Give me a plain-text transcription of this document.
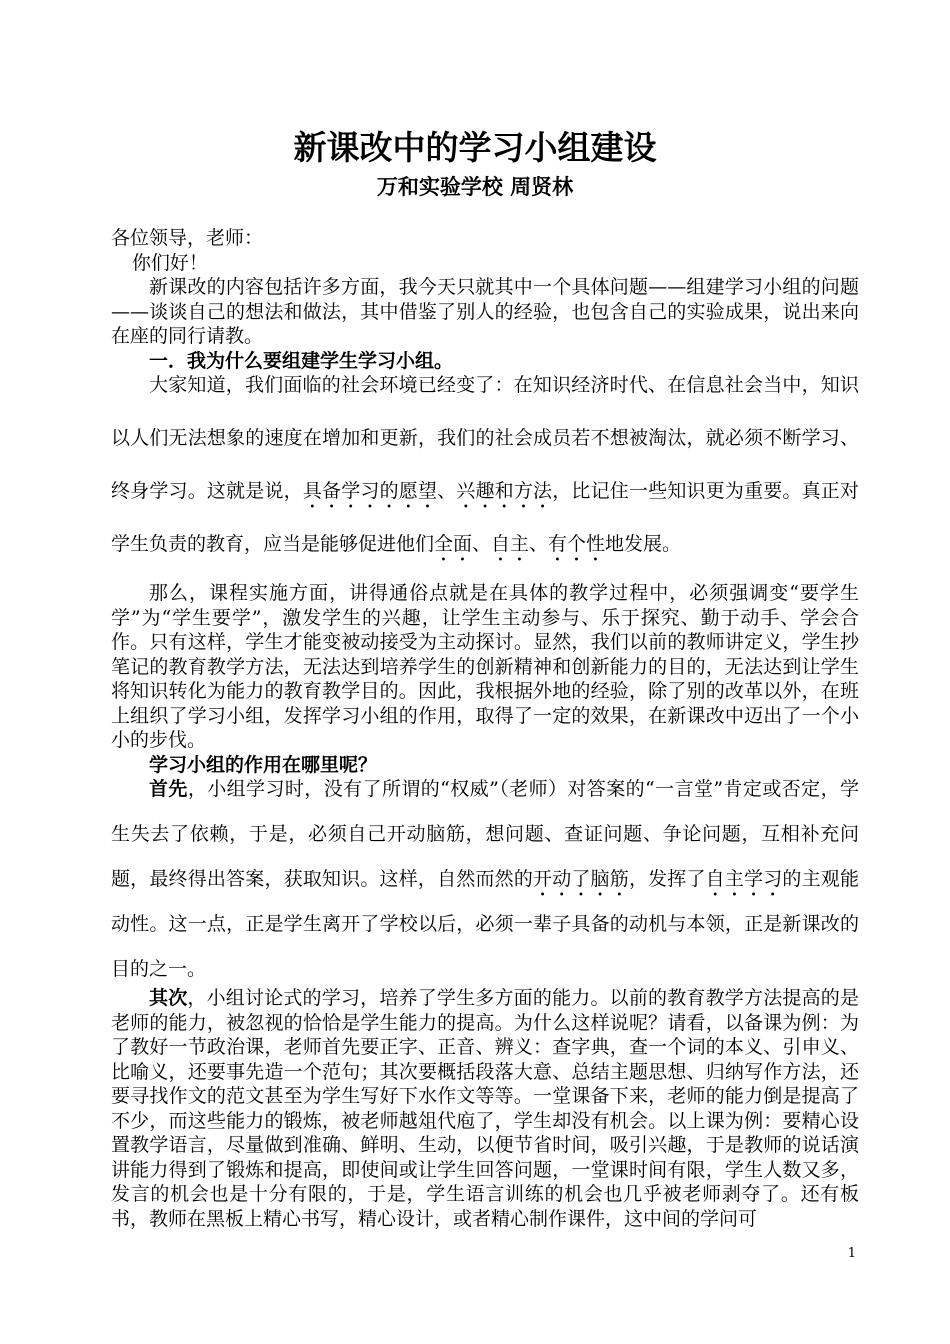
新课改中的学习小组建设
万和实验学校 周贤林

各位领导，老师：

你们好！

新课改的内容包括许多方面，我今天只就其中一个具体问题——组建学习小组的问题——谈谈自己的想法和做法，其中借鉴了别人的经验，也包含自己的实验成果，说出来向在座的同行请教。

一．我为什么要组建学生学习小组。

大家知道，我们面临的社会环境已经变了：在知识经济时代、在信息社会当中，知识以人们无法想象的速度在增加和更新，我们的社会成员若不想被淘汰，就必须不断学习、终身学习。这就是说，具备学习的愿望、兴趣和方法，比记住一些知识更为重要。真正对学生负责的教育，应当是能够促进他们全面、自主、有个性地发展。

那么，课程实施方面，讲得通俗点就是在具体的教学过程中，必须强调变“要学生学”为“学生要学”，激发学生的兴趣，让学生主动参与、乐于探究、勤于动手、学会合作。只有这样，学生才能变被动接受为主动探讨。显然，我们以前的教师讲定义，学生抄笔记的教育教学方法，无法达到培养学生的创新精神和创新能力的目的，无法达到让学生将知识转化为能力的教育教学目的。因此，我根据外地的经验，除了别的改革以外，在班上组织了学习小组，发挥学习小组的作用，取得了一定的效果，在新课改中迈出了一个小小的步伐。

学习小组的作用在哪里呢？

首先，小组学习时，没有了所谓的“权威”（老师）对答案的“一言堂”肯定或否定，学生失去了依赖，于是，必须自己开动脑筋，想问题、查证问题、争论问题，互相补充问题，最终得出答案，获取知识。这样，自然而然的开动了脑筋，发挥了自主学习的主观能动性。这一点，正是学生离开了学校以后，必须一辈子具备的动机与本领，正是新课改的目的之一。

其次，小组讨论式的学习，培养了学生多方面的能力。以前的教育教学方法提高的是老师的能力，被忽视的恰恰是学生能力的提高。为什么这样说呢？请看，以备课为例：为了教好一节政治课，老师首先要正字、正音、辨义：查字典，查一个词的本义、引申义、比喻义，还要事先造一个范句；其次要概括段落大意、总结主题思想、归纳写作方法，还要寻找作文的范文甚至为学生写好下水作文等等。一堂课备下来，老师的能力倒是提高了不少，而这些能力的锻炼，被老师越俎代庖了，学生却没有机会。以上课为例：要精心设置教学语言，尽量做到准确、鲜明、生动，以便节省时间，吸引兴趣，于是教师的说话演讲能力得到了锻炼和提高，即使间或让学生回答问题，一堂课时间有限，学生人数又多，发言的机会也是十分有限的，于是，学生语言训练的机会也几乎被老师剥夺了。还有板书，教师在黑板上精心书写，精心设计，或者精心制作课件，这中间的学问可

1
